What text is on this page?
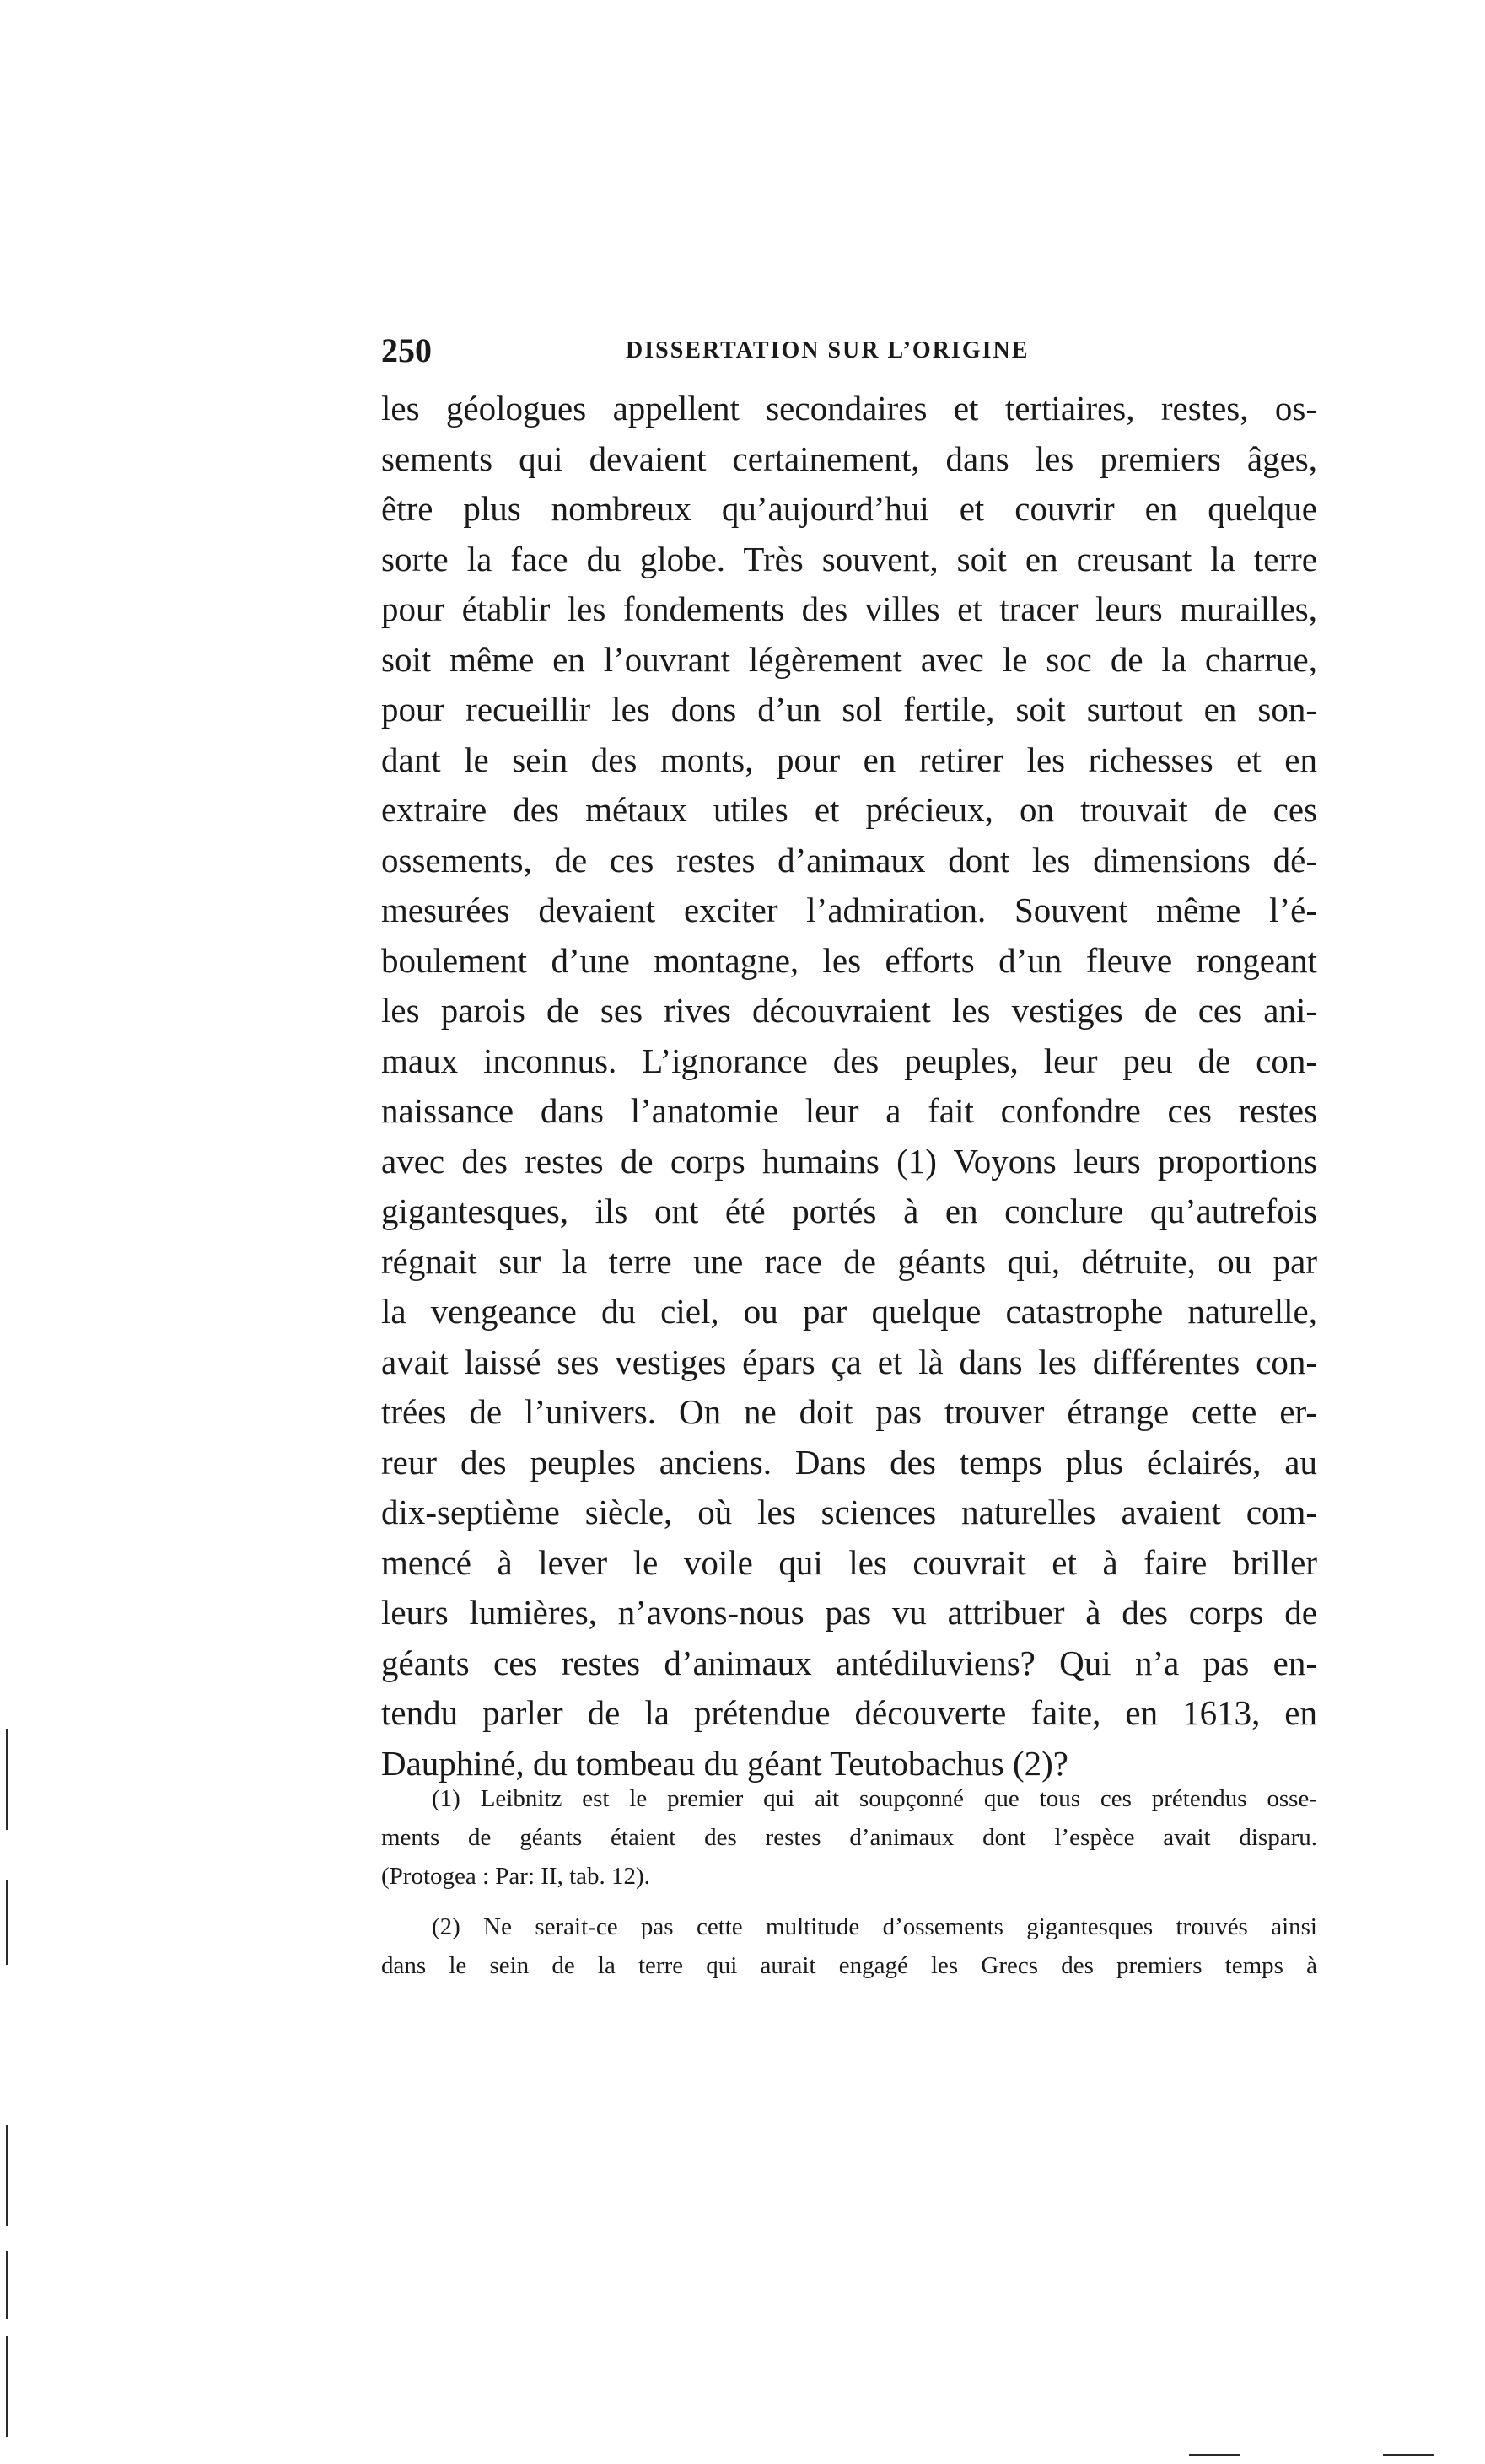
250	DISSERTATION SUR L’ORIGINE
les géologues appellent secondaires et tertiaires, restes, os-
sements qui devaient certainement, dans les premiers âges,
être plus nombreux qu’aujourd’hui et couvrir en quelque
sorte la face du globe. Très souvent, soit en creusant la terre
pour établir les fondements des villes et tracer leurs murailles,
soit même en l’ouvrant légèrement avec le soc de la charrue,
pour recueillir les dons d’un sol fertile, soit surtout en son-
dant le sein des monts, pour en retirer les richesses et en
extraire des métaux utiles et précieux, on trouvait de ces
ossements, de ces restes d’animaux dont les dimensions dé-
mesurées devaient exciter l’admiration. Souvent même l’é-
boulement d’une montagne, les efforts d’un fleuve rongeant
les parois de ses rives découvraient les vestiges de ces ani-
maux inconnus. L’ignorance des peuples, leur peu de con-
naissance dans l’anatomie leur a fait confondre ces restes
avec des restes de corps humains (1) Voyons leurs proportions
gigantesques, ils ont été portés à en conclure qu’autrefois
régnait sur la terre une race de géants qui, détruite, ou par
la vengeance du ciel, ou par quelque catastrophe naturelle,
avait laissé ses vestiges épars ça et là dans les différentes con-
trées de l’univers. On ne doit pas trouver étrange cette er-
reur des peuples anciens. Dans des temps plus éclairés, au
dix-septième siècle, où les sciences naturelles avaient com-
mencé à lever le voile qui les couvrait et à faire briller
leurs lumières, n’avons-nous pas vu attribuer à des corps de
géants ces restes d’animaux antédiluviens? Qui n’a pas en-
tendu parler de la prétendue découverte faite, en 1613, en
Dauphiné, du tombeau du géant Teutobachus (2)?
(1) Leibnitz est le premier qui ait soupçonné que tous ces prétendus osse-
ments de géants étaient des restes d’animaux dont l’espèce avait disparu.
(Protogea : Par: II, tab. 12).
(2) Ne serait-ce pas cette multitude d’ossements gigantesques trouvés ainsi
dans le sein de la terre qui aurait engagé les Grecs des premiers temps à
